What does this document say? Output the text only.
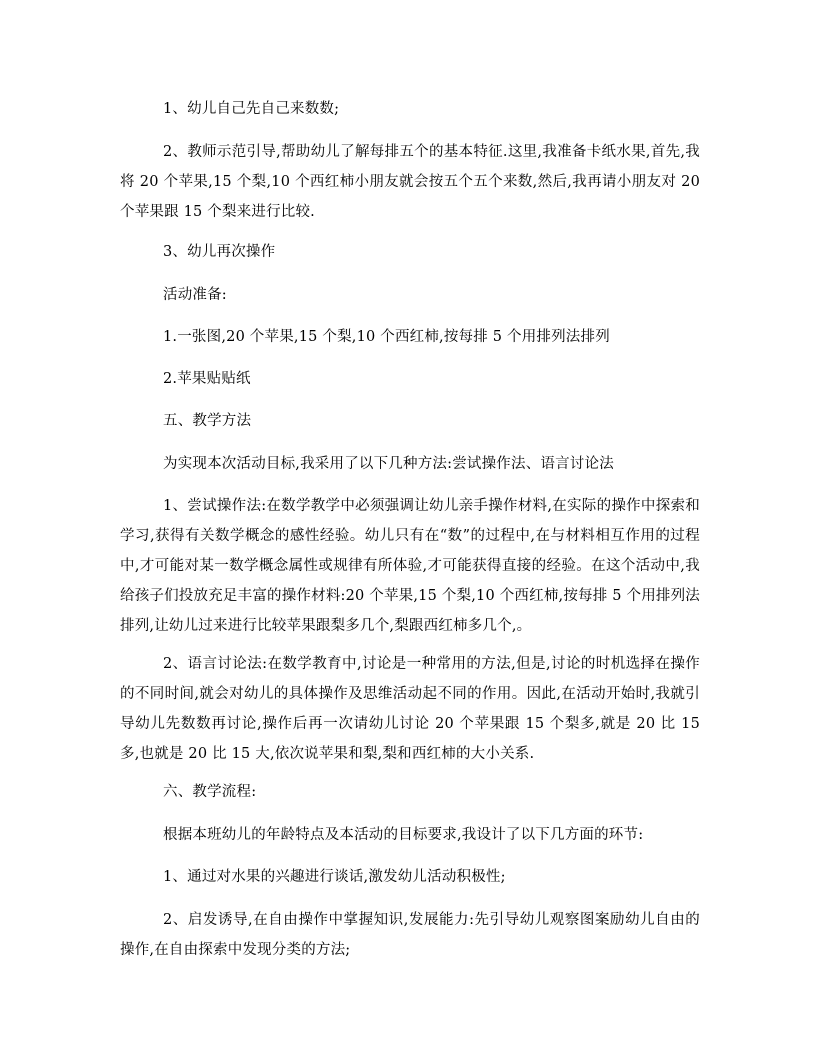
1、幼儿自己先自己来数数;
2、教师示范引导,帮助幼儿了解每排五个的基本特征.这里,我准备卡纸水果,首先,我将 20 个苹果,15 个梨,10 个西红柿小朋友就会按五个五个来数,然后,我再请小朋友对 20 个苹果跟 15 个梨来进行比较.
3、幼儿再次操作
活动准备:
1.一张图,20 个苹果,15 个梨,10 个西红柿,按每排 5 个用排列法排列
2.苹果贴贴纸
五、教学方法
为实现本次活动目标,我采用了以下几种方法:尝试操作法、语言讨论法
1、尝试操作法:在数学教学中必须强调让幼儿亲手操作材料,在实际的操作中探索和学习,获得有关数学概念的感性经验。幼儿只有在“数”的过程中,在与材料相互作用的过程中,才可能对某一数学概念属性或规律有所体验,才可能获得直接的经验。在这个活动中,我给孩子们投放充足丰富的操作材料:20 个苹果,15 个梨,10 个西红柿,按每排 5 个用排列法排列,让幼儿过来进行比较苹果跟梨多几个,梨跟西红柿多几个,。
2、语言讨论法:在数学教育中,讨论是一种常用的方法,但是,讨论的时机选择在操作的不同时间,就会对幼儿的具体操作及思维活动起不同的作用。因此,在活动开始时,我就引导幼儿先数数再讨论,操作后再一次请幼儿讨论 20 个苹果跟 15 个梨多,就是 20 比 15 多,也就是 20 比 15 大,依次说苹果和梨,梨和西红柿的大小关系.
六、教学流程:
根据本班幼儿的年龄特点及本活动的目标要求,我设计了以下几方面的环节:
1、通过对水果的兴趣进行谈话,激发幼儿活动积极性;
2、启发诱导,在自由操作中掌握知识,发展能力:先引导幼儿观察图案励幼儿自由的操作,在自由探索中发现分类的方法;
